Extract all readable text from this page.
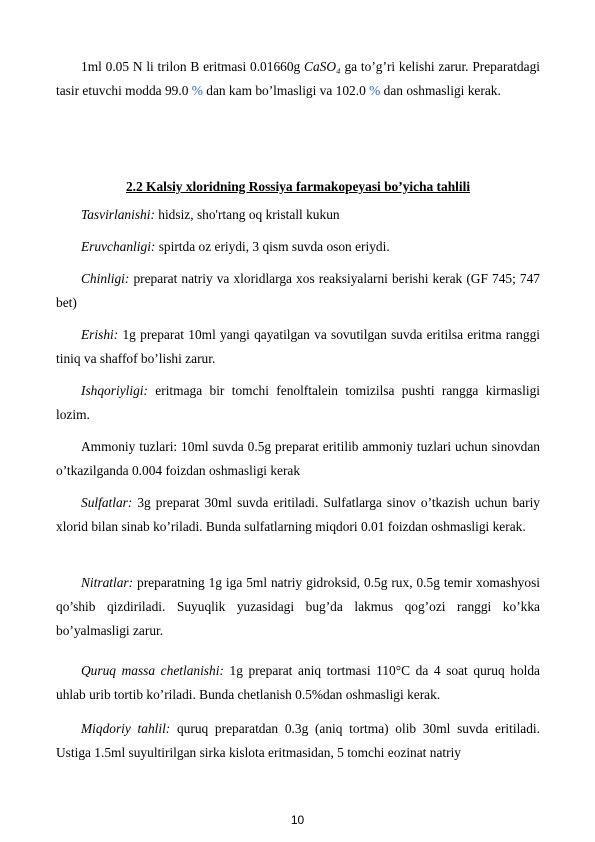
1ml 0.05 N li trilon B eritmasi 0.01660g CaSO₄ ga to’g’ri kelishi zarur. Preparatdagi tasir etuvchi modda 99.0 % dan kam bo’lmasligi va 102.0 % dan oshmasligi kerak.

2.2 Kalsiy xloridning Rossiya farmakopeyasi bo’yicha tahlili

Tasvirlanishi: hidsiz, sho'rtang oq kristall kukun

Eruvchanligi: spirtda oz eriydi, 3 qism suvda oson eriydi.

Chinligi: preparat natriy va xloridlarga xos reaksiyalarni berishi kerak (GF 745; 747 bet)

Erishi: 1g preparat 10ml yangi qayatilgan va sovutilgan suvda eritilsa eritma ranggi tiniq va shaffof bo’lishi zarur.

Ishqoriyligi: eritmaga bir tomchi fenolftalein tomizilsa pushti rangga kirmasligi lozim.

Ammoniy tuzlari: 10ml suvda 0.5g preparat eritilib ammoniy tuzlari uchun sinovdan o’tkazilganda 0.004 foizdan oshmasligi kerak

Sulfatlar: 3g preparat 30ml suvda eritiladi. Sulfatlarga sinov o’tkazish uchun bariy xlorid bilan sinab ko’riladi. Bunda sulfatlarning miqdori 0.01 foizdan oshmasligi kerak.

Nitratlar: preparatning 1g iga 5ml natriy gidroksid, 0.5g rux, 0.5g temir xomashyosi qo’shib qizdiriladi. Suyuqlik yuzasidagi bug’da lakmus qog’ozi ranggi ko’kka bo’yalmasligi zarur.

Quruq massa chetlanishi: 1g preparat aniq tortmasi 110°C da 4 soat quruq holda uhlab urib tortib ko’riladi. Bunda chetlanish 0.5%dan oshmasligi kerak.

Miqdoriy tahlil: quruq preparatdan 0.3g (aniq tortma) olib 30ml suvda eritiladi. Ustiga 1.5ml suyultirilgan sirka kislota eritmasidan, 5 tomchi eozinat natriy

10
